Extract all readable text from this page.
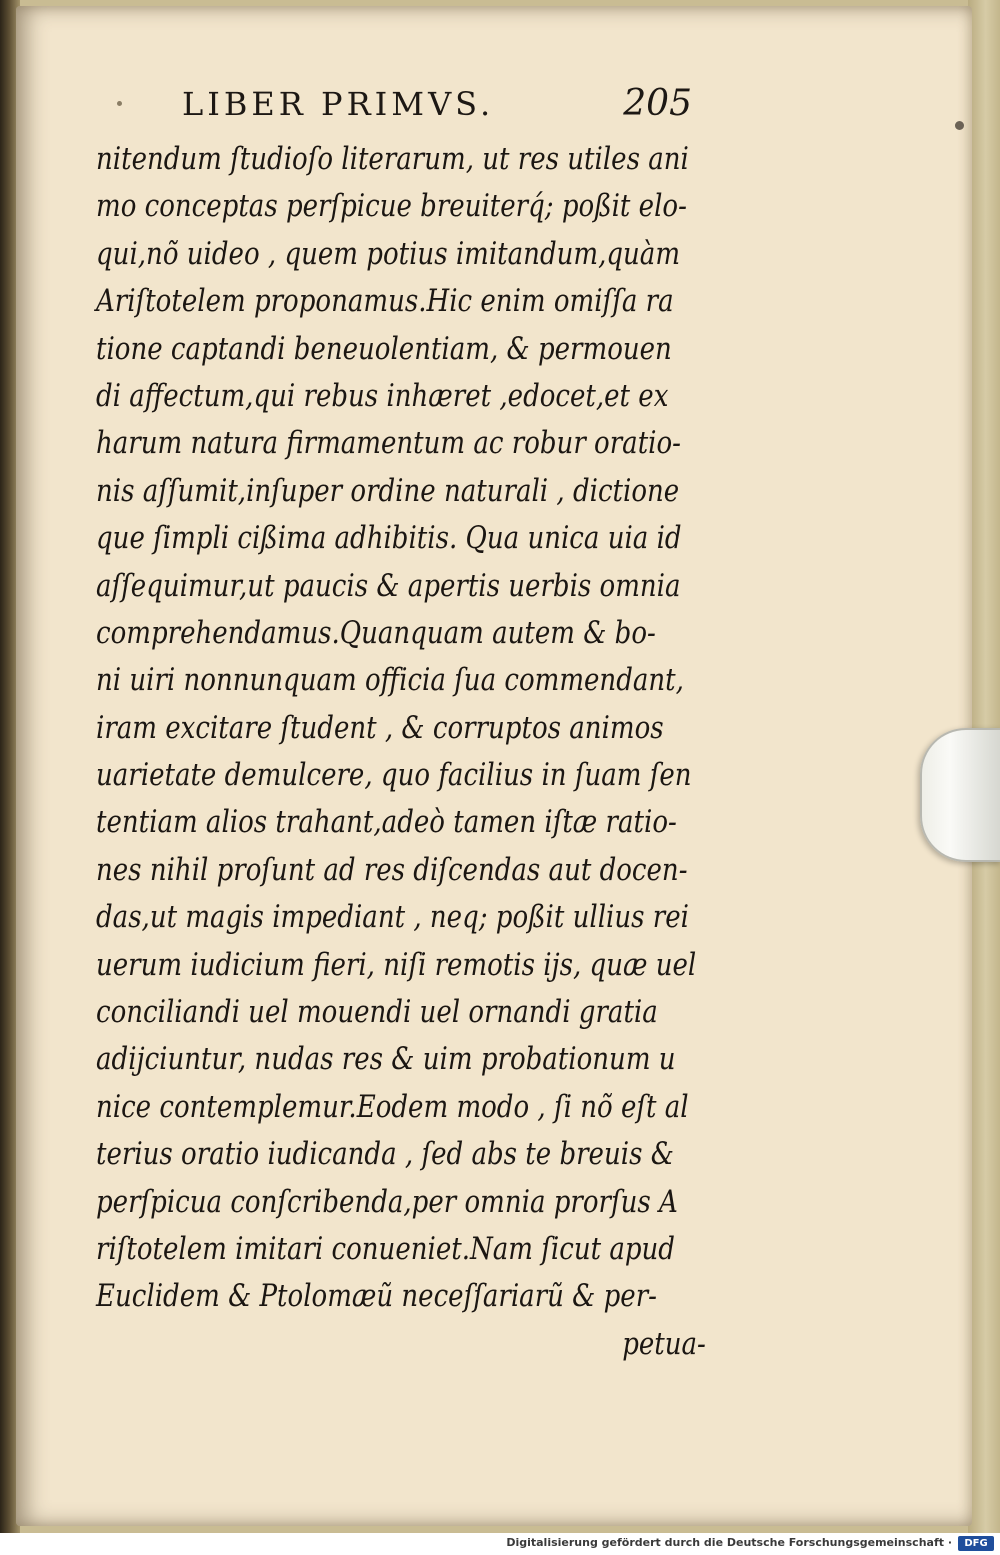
LIBER PRIMVS.	205
nitendum ſtudioſo literarum, ut res utiles ani
mo conceptas perſpicue breuiterq́; poßit elo-
qui,nõ uideo , quem potius imitandum,quàm
Ariſtotelem proponamus.Hic enim omiſſa ra
tione captandi beneuolentiam, & permouen
di affectum,qui rebus inhæret ,edocet,et ex
harum natura firmamentum ac robur oratio-
nis aſſumit,inſuper ordine naturali , dictione
que ſimpli cißima adhibitis. Qua unica uia id
aſſequimur,ut paucis & apertis uerbis omnia
comprehendamus.Quanquam autem & bo-
ni uiri nonnunquam officia ſua commendant,
iram excitare ſtudent , & corruptos animos
uarietate demulcere, quo facilius in ſuam ſen
tentiam alios trahant,adeò tamen iſtæ ratio-
nes nihil proſunt ad res diſcendas aut docen-
das,ut magis impediant , neq; poßit ullius rei
uerum iudicium fieri, niſi remotis iјs, quæ uel
conciliandi uel mouendi uel ornandi gratia
adijciuntur, nudas res & uim probationum u
nice contemplemur.Eodem modo , ſi nõ eſt al
terius oratio iudicanda , ſed abs te breuis &
perſpicua conſcribenda,per omnia prorſus A
riſtotelem imitari conueniet.Nam ſicut apud
Euclidem & Ptolomæũ neceſſariarũ & per-
petua-
Digitalisierung gefördert durch die Deutsche Forschungsgemeinschaft ·	DFG
